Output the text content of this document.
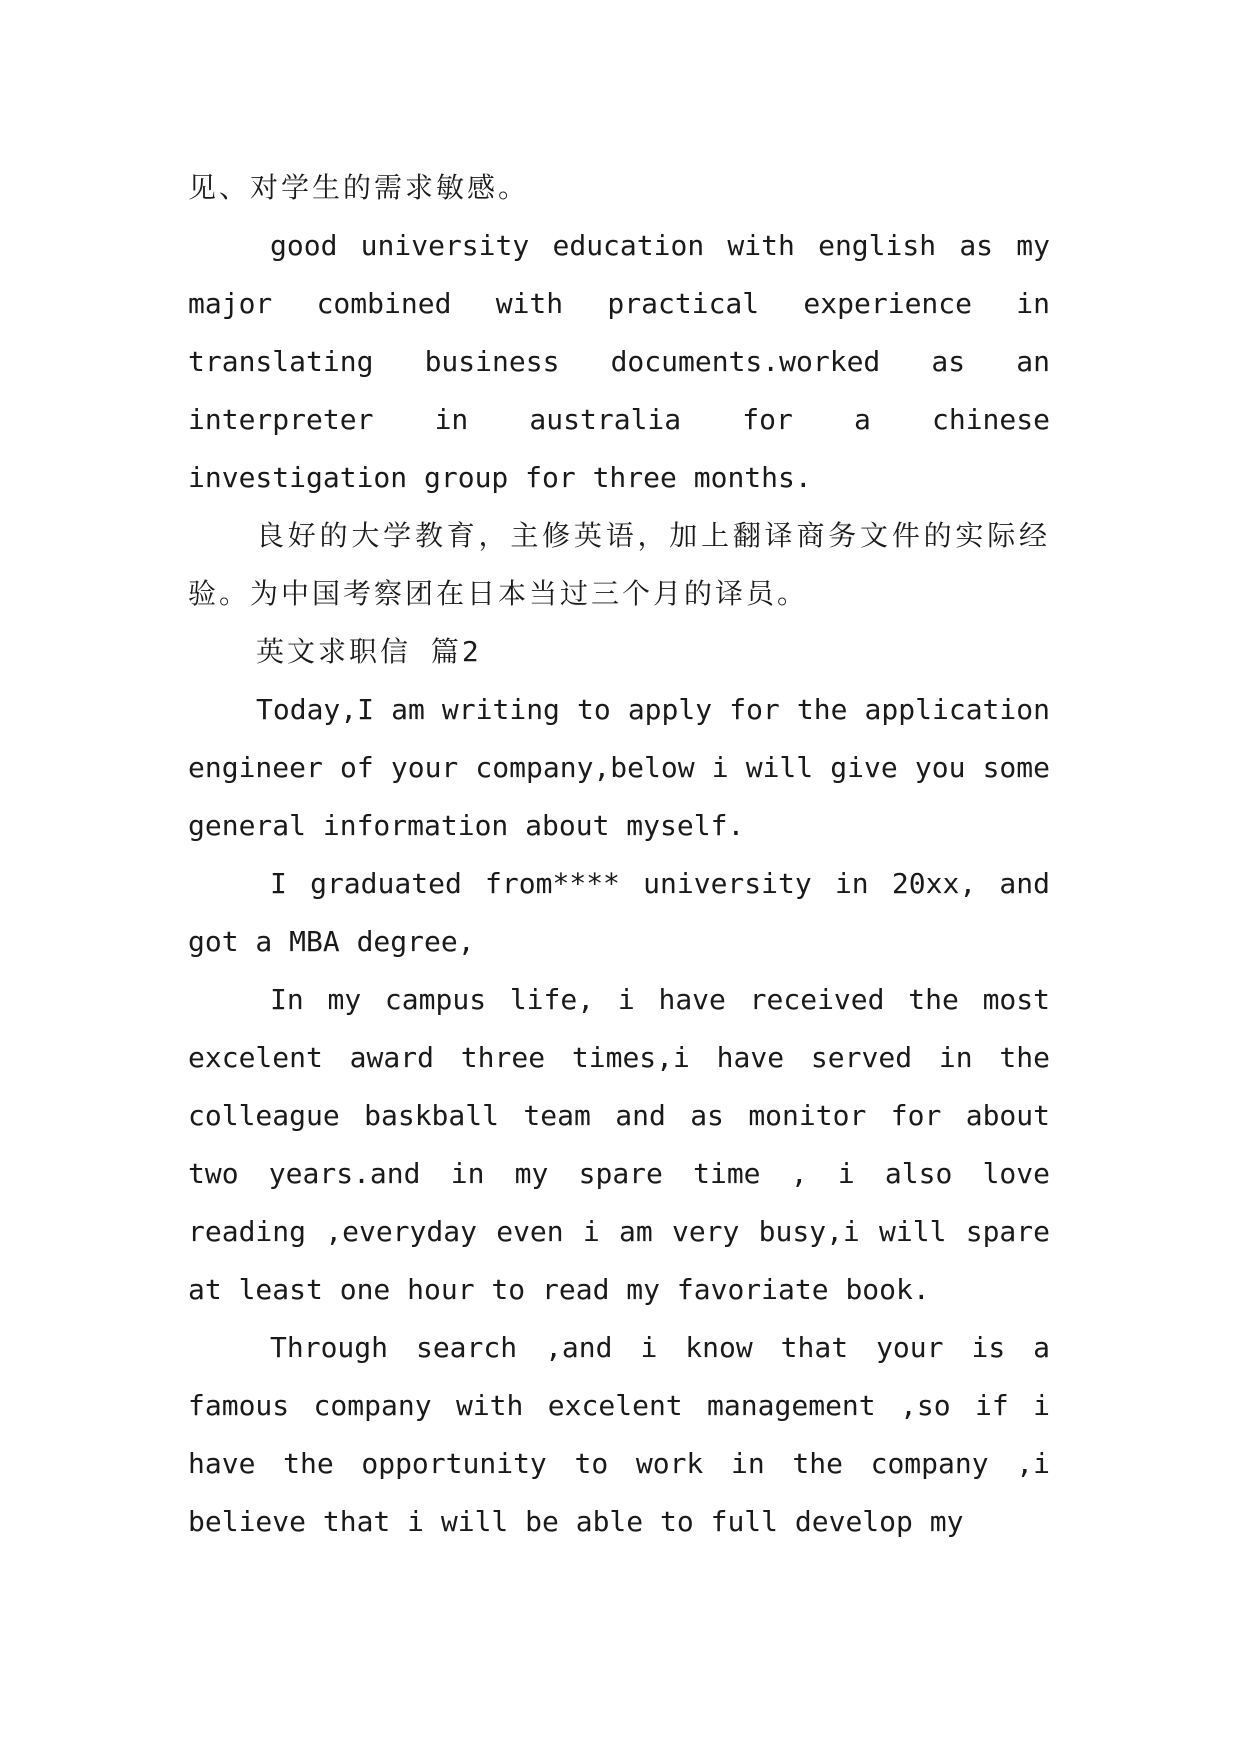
见、对学生的需求敏感。

good university education with english as my major combined with practical experience in translating business documents.worked as an interpreter in australia for a chinese investigation group for three months.

良好的大学教育，主修英语，加上翻译商务文件的实际经验。为中国考察团在日本当过三个月的译员。

英文求职信 篇2

Today,I am writing to apply for the application engineer of your company,below i will give you some general information about myself.

I graduated from**** university in 20xx, and got a MBA degree,

In my campus life, i have received the most excelent award three times,i have served in the colleague baskball team and as monitor for about two years.and in my spare time , i also love reading ,everyday even i am very busy,i will spare at least one hour to read my favoriate book.

Through search ,and i know that your is a famous company with excelent management ,so if i have the opportunity to work in the company ,i believe that i will be able to full develop my
